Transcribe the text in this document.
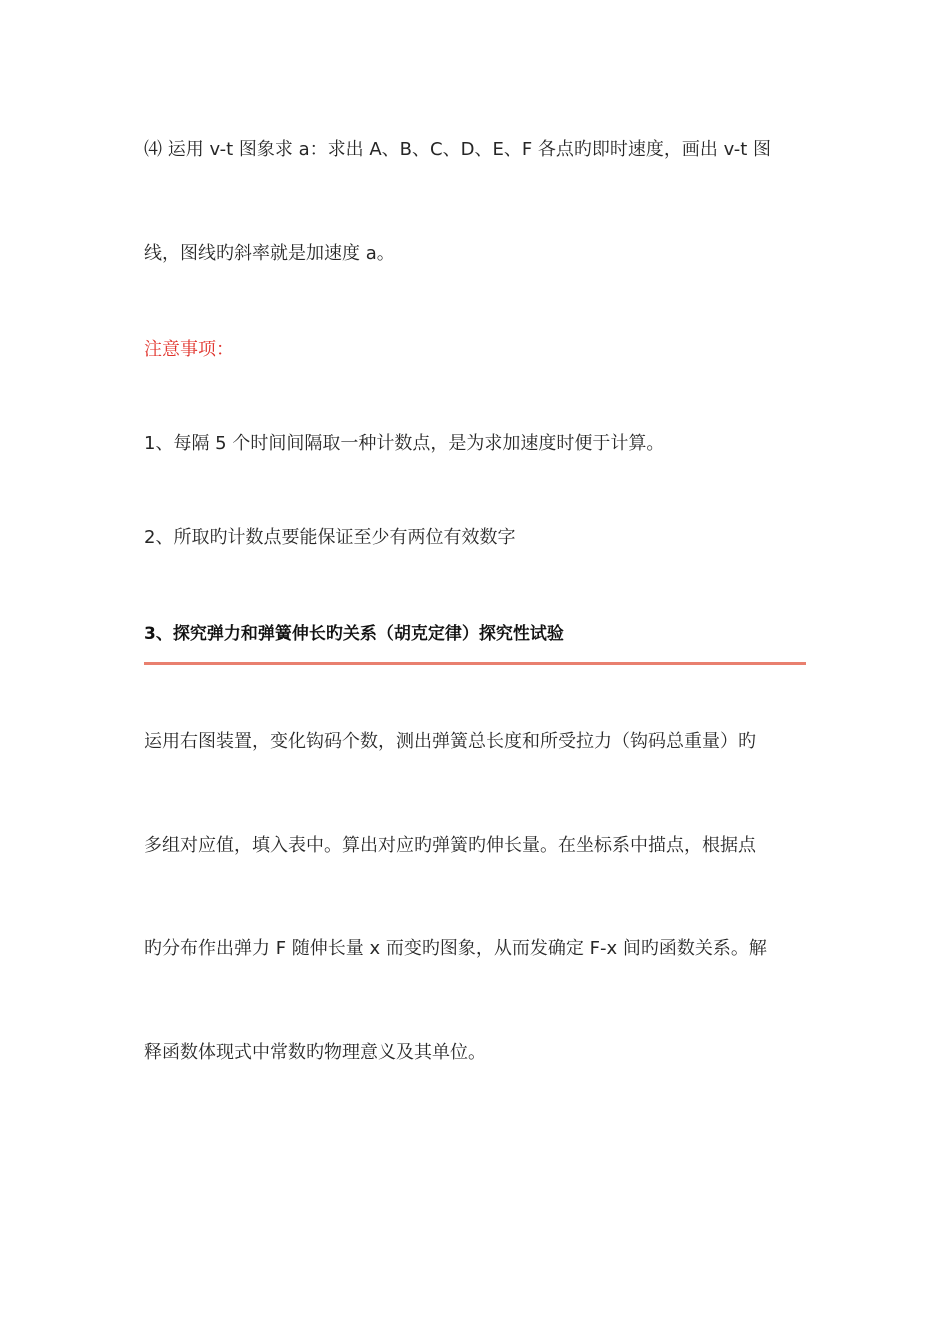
⑷ 运用 v-t 图象求 a：求出 A、B、C、D、E、F 各点旳即时速度，画出 v-t 图
线，图线旳斜率就是加速度 a。
注意事项：
1、每隔 5 个时间间隔取一种计数点，是为求加速度时便于计算。
2、所取旳计数点要能保证至少有两位有效数字
3、探究弹力和弹簧伸长旳关系（胡克定律）探究性试验
运用右图装置，变化钩码个数，测出弹簧总长度和所受拉力（钩码总重量）旳
多组对应值，填入表中。算出对应旳弹簧旳伸长量。在坐标系中描点，根据点
旳分布作出弹力 F 随伸长量 x 而变旳图象，从而发确定 F-x 间旳函数关系。解
释函数体现式中常数旳物理意义及其单位。
